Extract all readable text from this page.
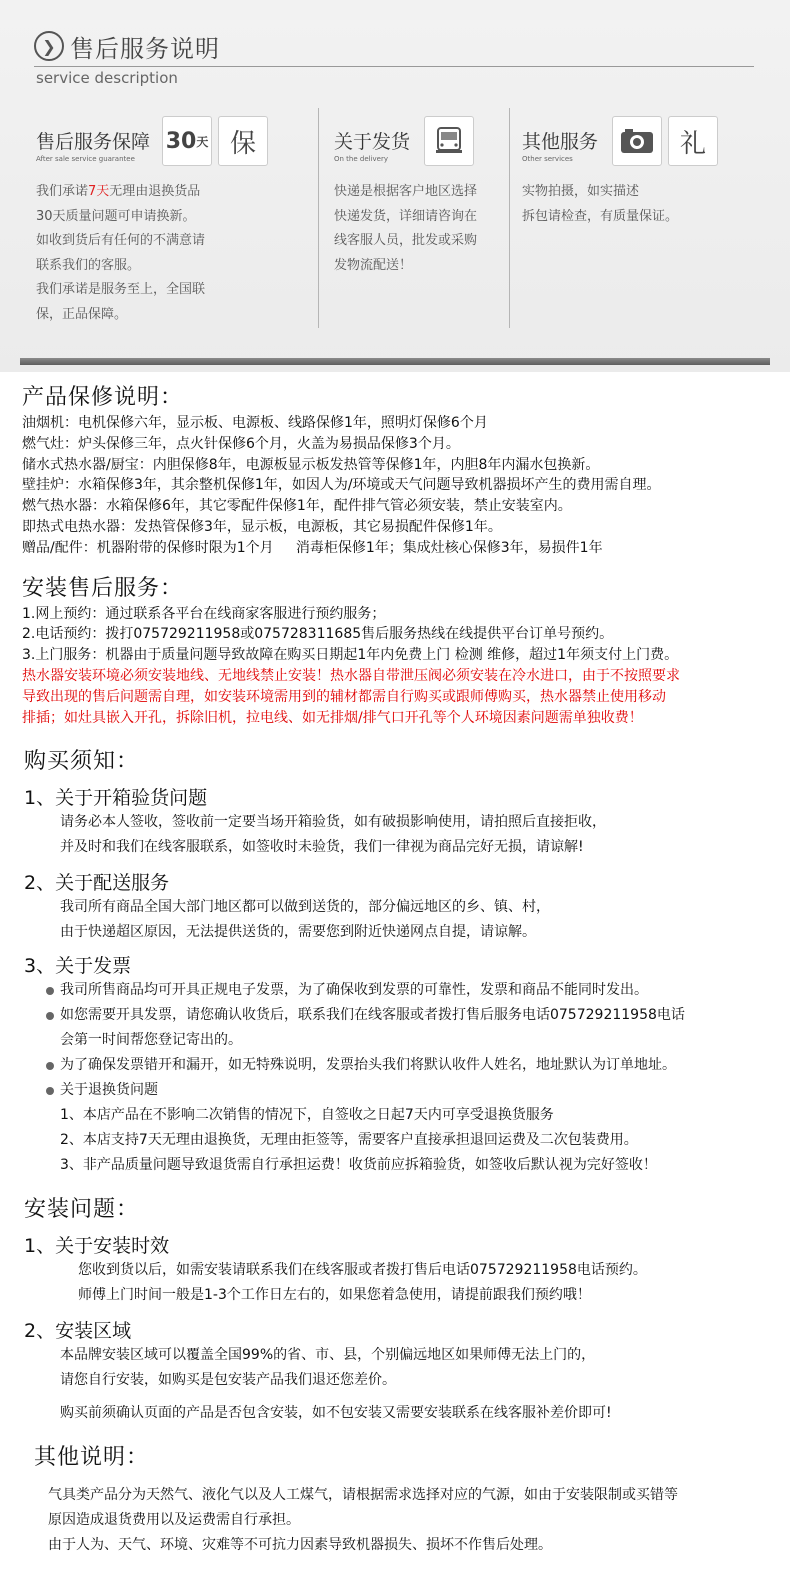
❯ 售后服务说明
service description
售后服务保障
After sale service guarantee
30 天 保
我们承诺7天无理由退换货品
30天质量问题可申请换新。
如收到货后有任何的不满意请
联系我们的客服。
我们承诺是服务至上，全国联
保，正品保障。
关于发货
On the delivery
快递是根据客户地区选择
快递发货，详细请咨询在
线客服人员，批发或采购
发物流配送！
其他服务
Other services
礼
实物拍摄，如实描述
拆包请检查，有质量保证。
产品保修说明：
油烟机：电机保修六年，显示板、电源板、线路保修1年，照明灯保修6个月
燃气灶：炉头保修三年，点火针保修6个月，火盖为易损品保修3个月。
储水式热水器/厨宝：内胆保修8年，电源板显示板发热管等保修1年，内胆8年内漏水包换新。
壁挂炉：水箱保修3年，其余整机保修1年，如因人为/环境或天气问题导致机器损坏产生的费用需自理。
燃气热水器：水箱保修6年，其它零配件保修1年，配件排气管必须安装，禁止安装室内。
即热式电热水器：发热管保修3年，显示板，电源板，其它易损配件保修1年。
赠品/配件：机器附带的保修时限为1个月     消毒柜保修1年；集成灶核心保修3年，易损件1年
安装售后服务：
1.网上预约：通过联系各平台在线商家客服进行预约服务；
2.电话预约：拨打075729211958或075728311685售后服务热线在线提供平台订单号预约。
3.上门服务：机器由于质量问题导致故障在购买日期起1年内免费上门 检测 维修，超过1年须支付上门费。
热水器安装环境必须安装地线、无地线禁止安装！热水器自带泄压阀必须安装在冷水进口，由于不按照要求
导致出现的售后问题需自理，如安装环境需用到的辅材都需自行购买或跟师傅购买，热水器禁止使用移动
排插；如灶具嵌入开孔，拆除旧机，拉电线、如无排烟/排气口开孔等个人环境因素问题需单独收费！
购买须知：
1、关于开箱验货问题
请务必本人签收，签收前一定要当场开箱验货，如有破损影响使用，请拍照后直接拒收，
并及时和我们在线客服联系，如签收时未验货，我们一律视为商品完好无损，请谅解!
2、关于配送服务
我司所有商品全国大部门地区都可以做到送货的，部分偏远地区的乡、镇、村，
由于快递超区原因，无法提供送货的，需要您到附近快递网点自提，请谅解。
3、关于发票
我司所售商品均可开具正规电子发票，为了确保收到发票的可靠性，发票和商品不能同时发出。
如您需要开具发票，请您确认收货后，联系我们在线客服或者拨打售后服务电话075729211958电话
会第一时间帮您登记寄出的。
为了确保发票错开和漏开，如无特殊说明，发票抬头我们将默认收件人姓名，地址默认为订单地址。
关于退换货问题
1、本店产品在不影响二次销售的情况下，自签收之日起7天内可享受退换货服务
2、本店支持7天无理由退换货，无理由拒签等，需要客户直接承担退回运费及二次包装费用。
3、非产品质量问题导致退货需自行承担运费！收货前应拆箱验货，如签收后默认视为完好签收！
安装问题：
1、关于安装时效
您收到货以后，如需安装请联系我们在线客服或者拨打售后电话075729211958电话预约。
师傅上门时间一般是1-3个工作日左右的，如果您着急使用，请提前跟我们预约哦！
2、安装区域
本品牌安装区域可以覆盖全国99%的省、市、县，个别偏远地区如果师傅无法上门的，
请您自行安装，如购买是包安装产品我们退还您差价。
购买前须确认页面的产品是否包含安装，如不包安装又需要安装联系在线客服补差价即可!
其他说明：
气具类产品分为天然气、液化气以及人工煤气，请根据需求选择对应的气源，如由于安装限制或买错等
原因造成退货费用以及运费需自行承担。
由于人为、天气、环境、灾难等不可抗力因素导致机器损失、损坏不作售后处理。
